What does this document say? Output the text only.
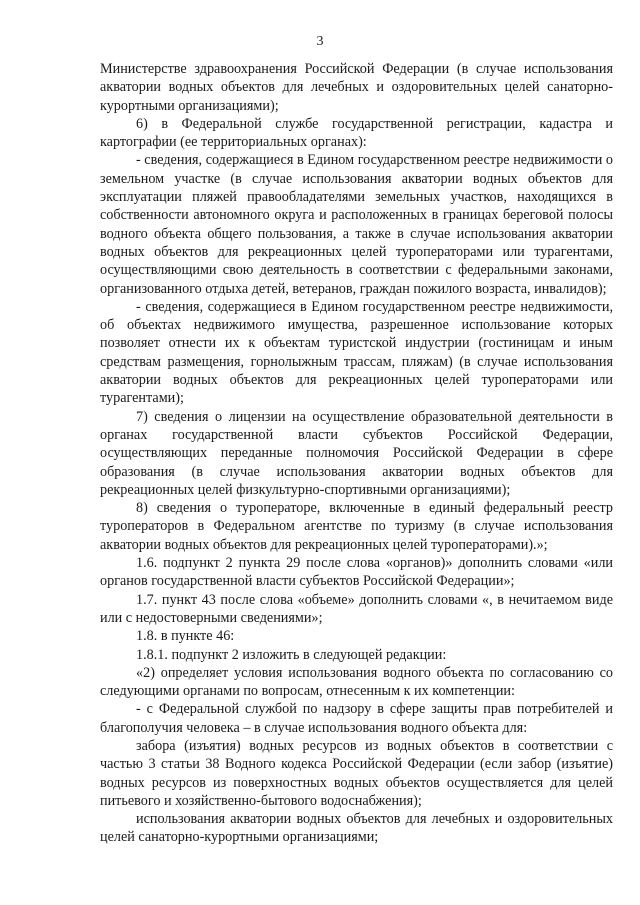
3

Министерстве здравоохранения Российской Федерации (в случае использования акватории водных объектов для лечебных и оздоровительных целей санаторно-курортными организациями);

6) в Федеральной службе государственной регистрации, кадастра и картографии (ее территориальных органах):

- сведения, содержащиеся в Едином государственном реестре недвижимости о земельном участке (в случае использования акватории водных объектов для эксплуатации пляжей правообладателями земельных участков, находящихся в собственности автономного округа и расположенных в границах береговой полосы водного объекта общего пользования, а также в случае использования акватории водных объектов для рекреационных целей туроператорами или турагентами, осуществляющими свою деятельность в соответствии с федеральными законами, организованного отдыха детей, ветеранов, граждан пожилого возраста, инвалидов);

- сведения, содержащиеся в Едином государственном реестре недвижимости, об объектах недвижимого имущества, разрешенное использование которых позволяет отнести их к объектам туристской индустрии (гостиницам и иным средствам размещения, горнолыжным трассам, пляжам) (в случае использования акватории водных объектов для рекреационных целей туроператорами или турагентами);

7) сведения о лицензии на осуществление образовательной деятельности в органах государственной власти субъектов Российской Федерации, осуществляющих переданные полномочия Российской Федерации в сфере образования (в случае использования акватории водных объектов для рекреационных целей физкультурно-спортивными организациями);

8) сведения о туроператоре, включенные в единый федеральный реестр туроператоров в Федеральном агентстве по туризму (в случае использования акватории водных объектов для рекреационных целей туроператорами).»;

1.6. подпункт 2 пункта 29 после слова «органов)» дополнить словами «или органов государственной власти субъектов Российской Федерации»;

1.7. пункт 43 после слова «объеме» дополнить словами «, в нечитаемом виде или с недостоверными сведениями»;

1.8. в пункте 46:

1.8.1. подпункт 2 изложить в следующей редакции:

«2) определяет условия использования водного объекта по согласованию со следующими органами по вопросам, отнесенным к их компетенции:

- с Федеральной службой по надзору в сфере защиты прав потребителей и благополучия человека – в случае использования водного объекта для:

забора (изъятия) водных ресурсов из водных объектов в соответствии с частью 3 статьи 38 Водного кодекса Российской Федерации (если забор (изъятие) водных ресурсов из поверхностных водных объектов осуществляется для целей питьевого и хозяйственно-бытового водоснабжения);

использования акватории водных объектов для лечебных и оздоровительных целей санаторно-курортными организациями;
